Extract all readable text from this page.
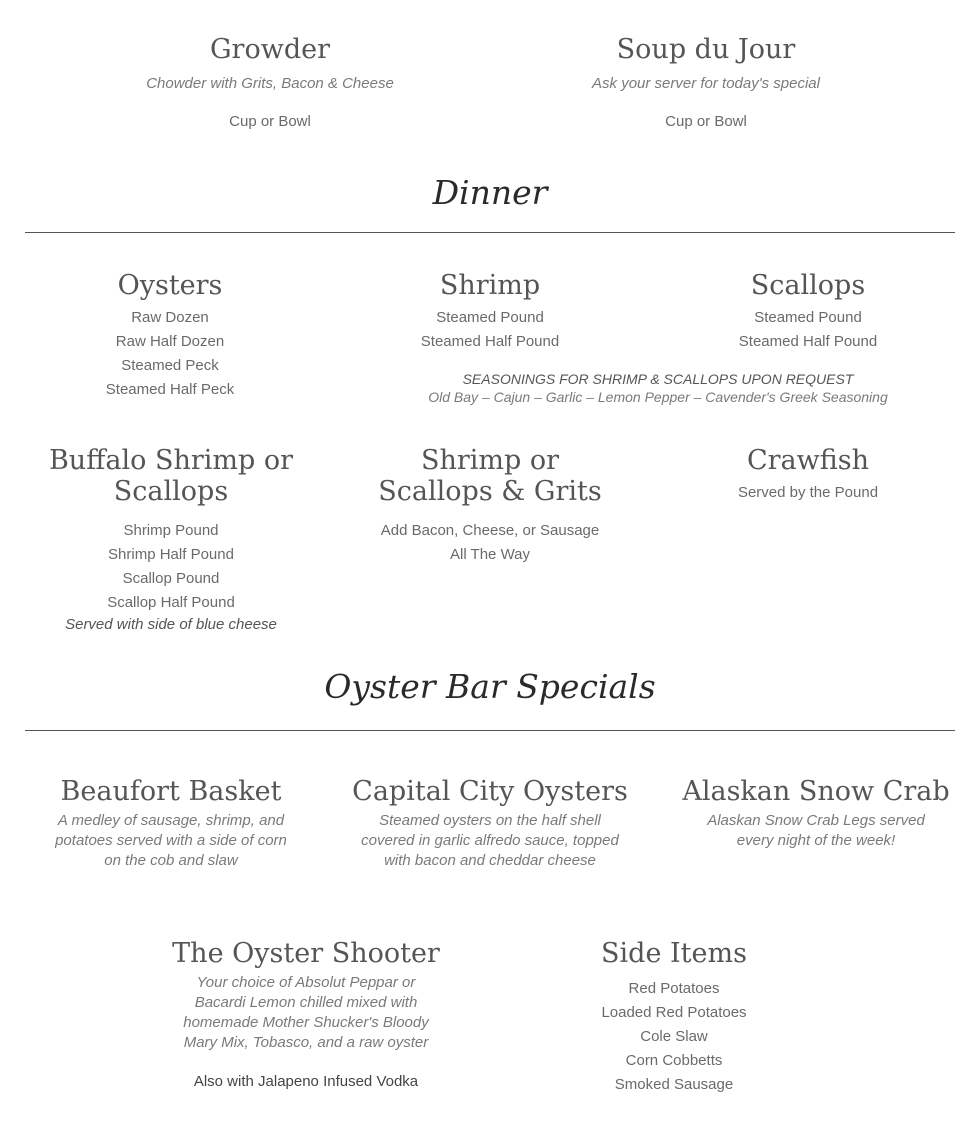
Growder
Chowder with Grits, Bacon & Cheese
Cup or Bowl
Soup du Jour
Ask your server for today's special
Cup or Bowl
Dinner
Oysters
Raw Dozen
Raw Half Dozen
Steamed Peck
Steamed Half Peck
Shrimp
Steamed Pound
Steamed Half Pound
Scallops
Steamed Pound
Steamed Half Pound
SEASONINGS FOR SHRIMP & SCALLOPS UPON REQUEST
Old Bay – Cajun – Garlic – Lemon Pepper – Cavender's Greek Seasoning
Buffalo Shrimp or Scallops
Shrimp Pound
Shrimp Half Pound
Scallop Pound
Scallop Half Pound
Served with side of blue cheese
Shrimp or Scallops & Grits
Add Bacon, Cheese, or Sausage
All The Way
Crawfish
Served by the Pound
Oyster Bar Specials
Beaufort Basket
A medley of sausage, shrimp, and potatoes served with a side of corn on the cob and slaw
Capital City Oysters
Steamed oysters on the half shell covered in garlic alfredo sauce, topped with bacon and cheddar cheese
Alaskan Snow Crab
Alaskan Snow Crab Legs served every night of the week!
The Oyster Shooter
Your choice of Absolut Peppar or Bacardi Lemon chilled mixed with homemade Mother Shucker's Bloody Mary Mix, Tobasco, and a raw oyster
Also with Jalapeno Infused Vodka
Side Items
Red Potatoes
Loaded Red Potatoes
Cole Slaw
Corn Cobbetts
Smoked Sausage
